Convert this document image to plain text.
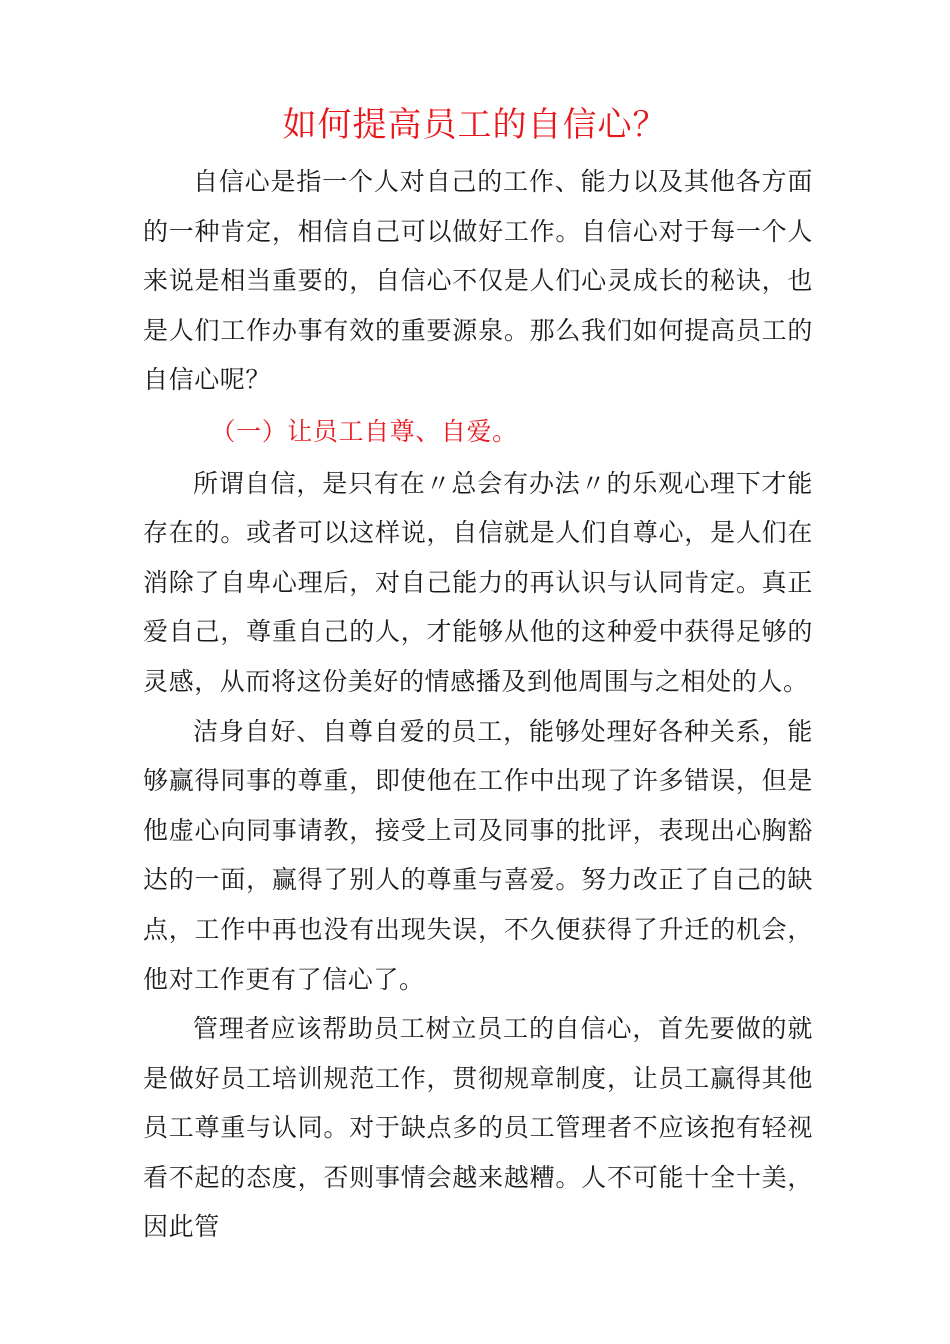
如何提高员工的自信心？

自信心是指一个人对自己的工作、能力以及其他各方面的一种肯定，相信自己可以做好工作。自信心对于每一个人来说是相当重要的，自信心不仅是人们心灵成长的秘诀，也是人们工作办事有效的重要源泉。那么我们如何提高员工的自信心呢？

（一）让员工自尊、自爱。

所谓自信，是只有在〃总会有办法〃的乐观心理下才能存在的。或者可以这样说，自信就是人们自尊心，是人们在消除了自卑心理后，对自己能力的再认识与认同肯定。真正爱自己，尊重自己的人，才能够从他的这种爱中获得足够的灵感，从而将这份美好的情感播及到他周围与之相处的人。

洁身自好、自尊自爱的员工，能够处理好各种关系，能够赢得同事的尊重，即使他在工作中出现了许多错误，但是他虚心向同事请教，接受上司及同事的批评，表现出心胸豁达的一面，赢得了别人的尊重与喜爱。努力改正了自己的缺点，工作中再也没有出现失误，不久便获得了升迁的机会，他对工作更有了信心了。

管理者应该帮助员工树立员工的自信心，首先要做的就是做好员工培训规范工作，贯彻规章制度，让员工赢得其他员工尊重与认同。对于缺点多的员工管理者不应该抱有轻视看不起的态度，否则事情会越来越糟。人不可能十全十美，因此管
